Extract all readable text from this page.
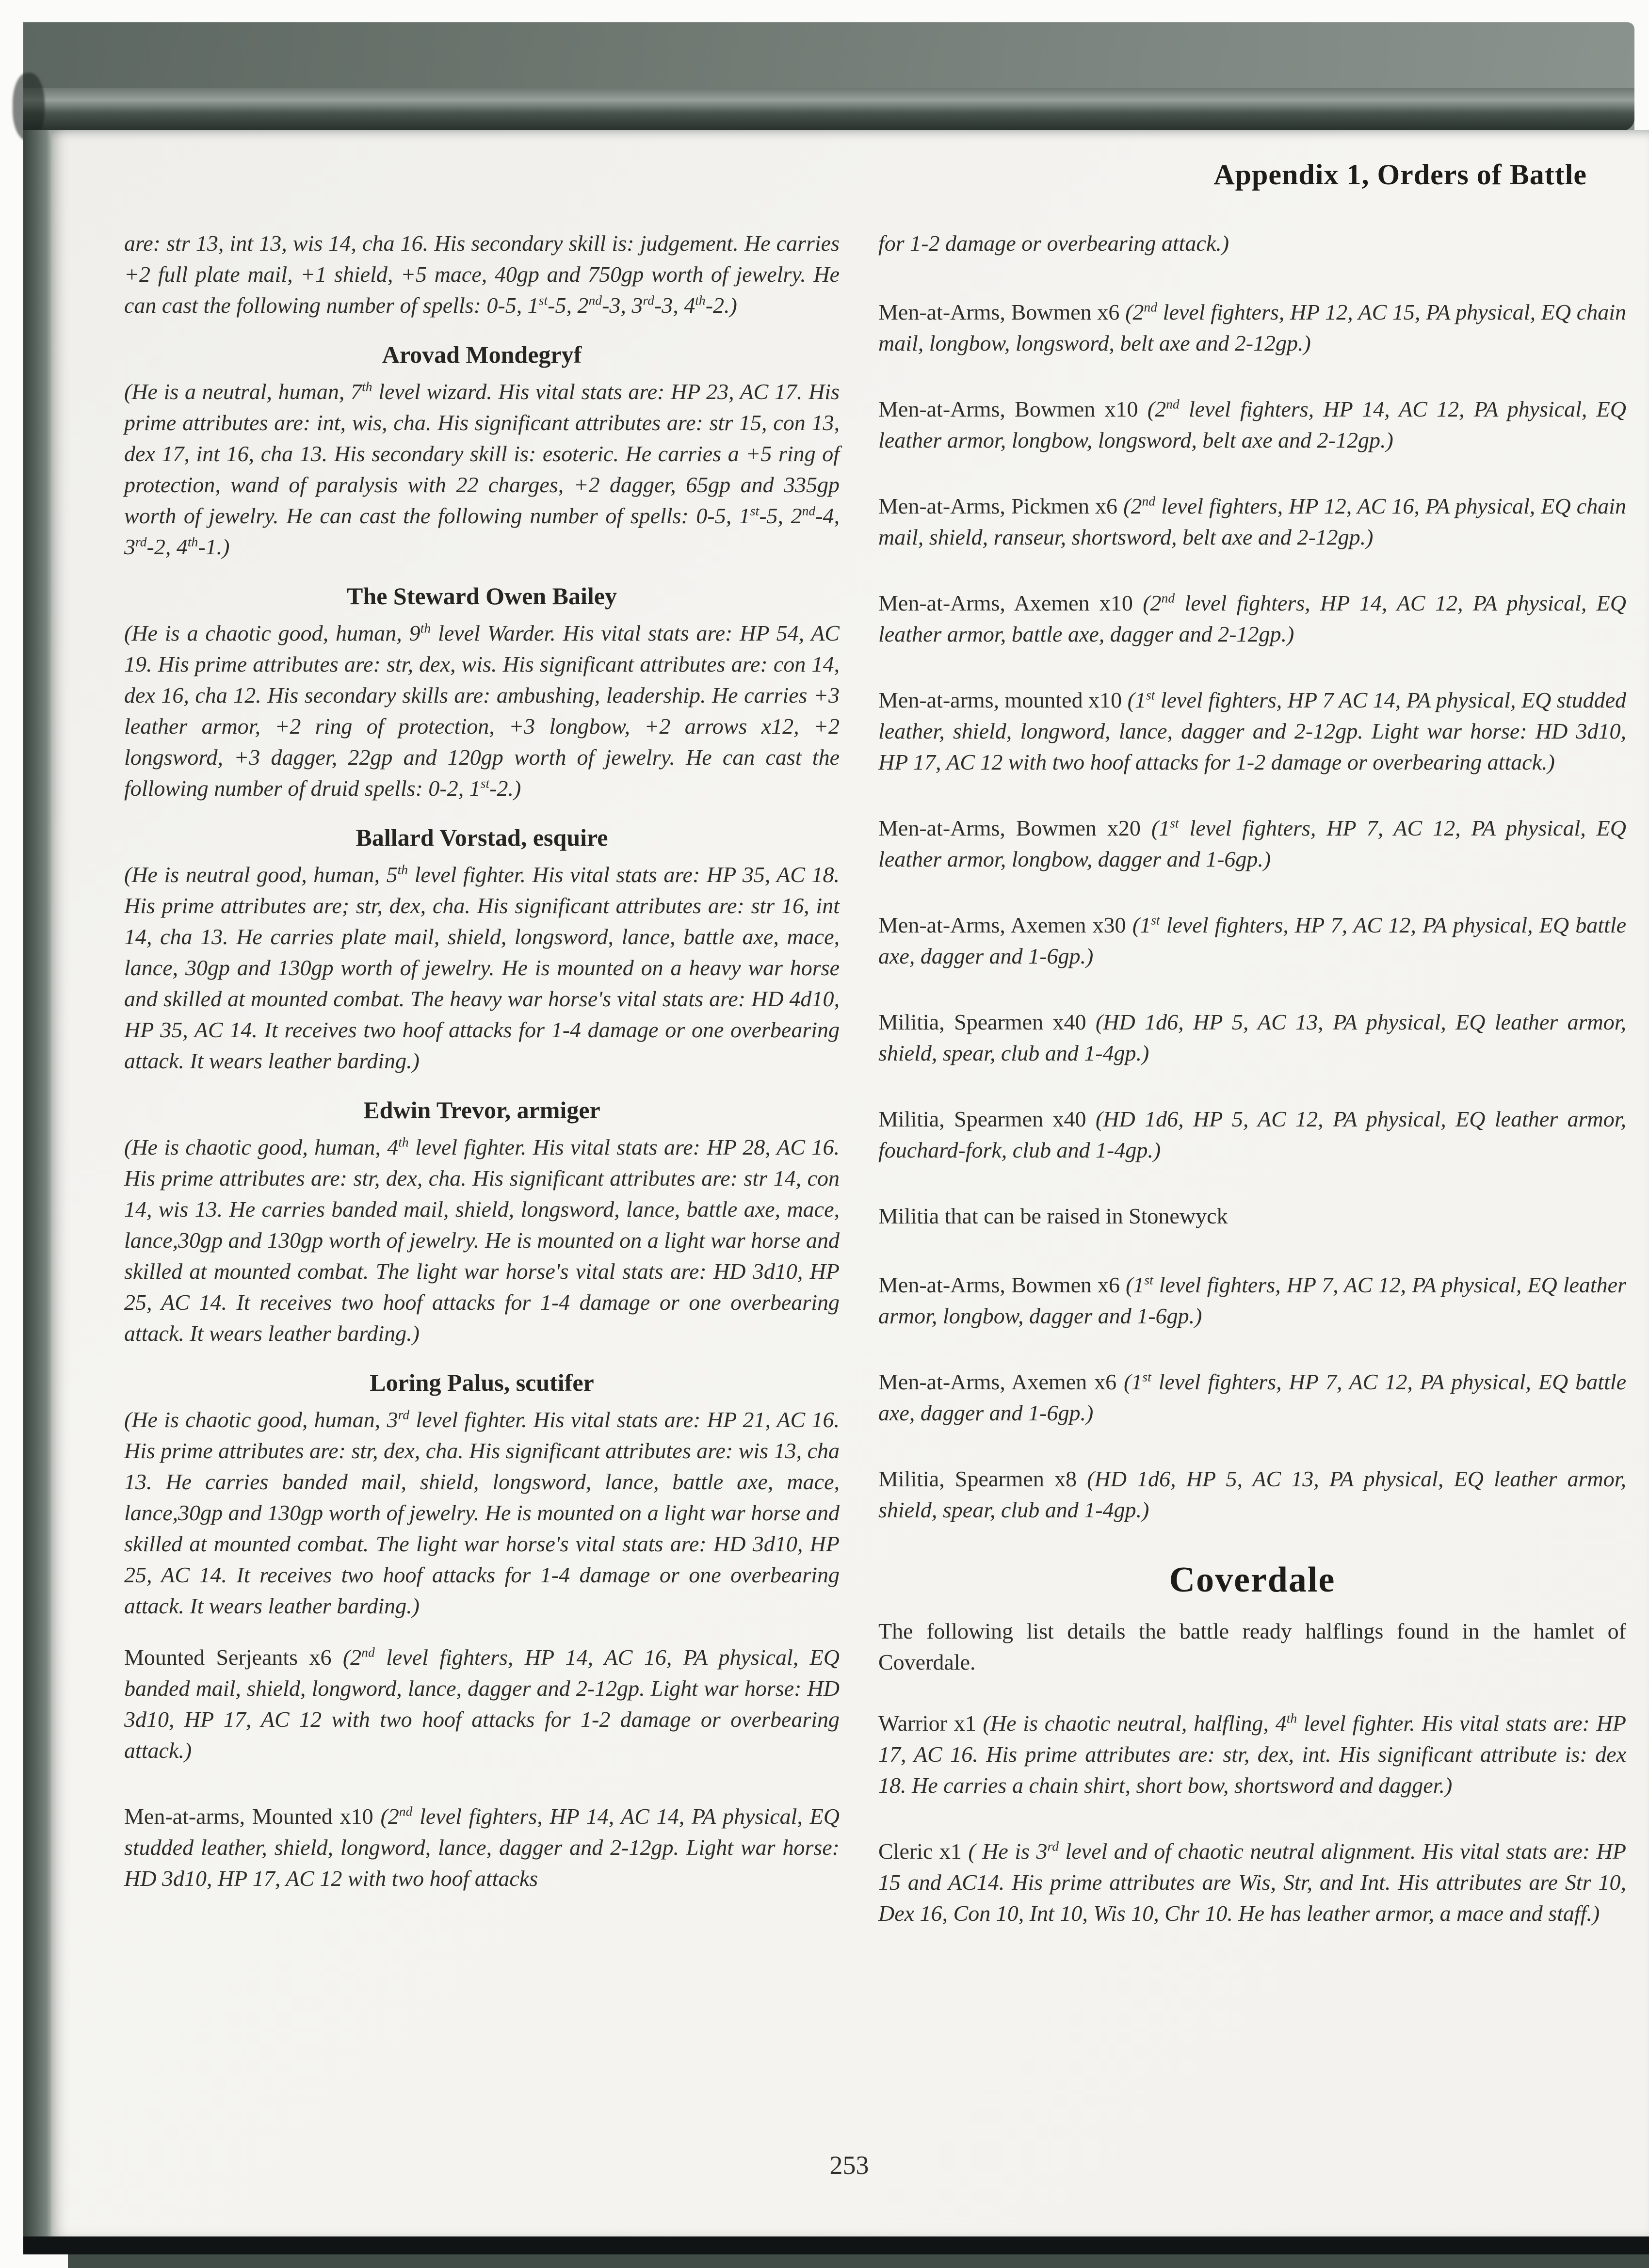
Appendix 1, Orders of Battle

are: str 13, int 13, wis 14, cha 16. His secondary skill is: judgement. He carries +2 full plate mail, +1 shield, +5 mace, 40gp and 750gp worth of jewelry. He can cast the following number of spells: 0-5, 1st-5, 2nd-3, 3rd-3, 4th-2.)

Arovad Mondegryf

(He is a neutral, human, 7th level wizard. His vital stats are: HP 23, AC 17. His prime attributes are: int, wis, cha. His significant attributes are: str 15, con 13, dex 17, int 16, cha 13. His secondary skill is: esoteric. He carries a +5 ring of protection, wand of paralysis with 22 charges, +2 dagger, 65gp and 335gp worth of jewelry. He can cast the following number of spells: 0-5, 1st-5, 2nd-4, 3rd-2, 4th-1.)

The Steward Owen Bailey

(He is a chaotic good, human, 9th level Warder. His vital stats are: HP 54, AC 19. His prime attributes are: str, dex, wis. His significant attributes are: con 14, dex 16, cha 12. His secondary skills are: ambushing, leadership. He carries +3 leather armor, +2 ring of protection, +3 longbow, +2 arrows x12, +2 longsword, +3 dagger, 22gp and 120gp worth of jewelry. He can cast the following number of druid spells: 0-2, 1st-2.)

Ballard Vorstad, esquire

(He is neutral good, human, 5th level fighter. His vital stats are: HP 35, AC 18. His prime attributes are; str, dex, cha. His significant attributes are: str 16, int 14, cha 13. He carries plate mail, shield, longsword, lance, battle axe, mace, lance, 30gp and 130gp worth of jewelry. He is mounted on a heavy war horse and skilled at mounted combat. The heavy war horse's vital stats are: HD 4d10, HP 35, AC 14. It receives two hoof attacks for 1-4 damage or one overbearing attack. It wears leather barding.)

Edwin Trevor, armiger

(He is chaotic good, human, 4th level fighter. His vital stats are: HP 28, AC 16. His prime attributes are: str, dex, cha. His significant attributes are: str 14, con 14, wis 13. He carries banded mail, shield, longsword, lance, battle axe, mace, lance,30gp and 130gp worth of jewelry. He is mounted on a light war horse and skilled at mounted combat. The light war horse's vital stats are: HD 3d10, HP 25, AC 14. It receives two hoof attacks for 1-4 damage or one overbearing attack. It wears leather barding.)

Loring Palus, scutifer

(He is chaotic good, human, 3rd level fighter. His vital stats are: HP 21, AC 16. His prime attributes are: str, dex, cha. His significant attributes are: wis 13, cha 13. He carries banded mail, shield, longsword, lance, battle axe, mace, lance,30gp and 130gp worth of jewelry. He is mounted on a light war horse and skilled at mounted combat. The light war horse's vital stats are: HD 3d10, HP 25, AC 14. It receives two hoof attacks for 1-4 damage or one overbearing attack. It wears leather barding.)

Mounted Serjeants x6 (2nd level fighters, HP 14, AC 16, PA physical, EQ banded mail, shield, longword, lance, dagger and 2-12gp. Light war horse: HD 3d10, HP 17, AC 12 with two hoof attacks for 1-2 damage or overbearing attack.)

Men-at-arms, Mounted x10 (2nd level fighters, HP 14, AC 14, PA physical, EQ studded leather, shield, longword, lance, dagger and 2-12gp. Light war horse: HD 3d10, HP 17, AC 12 with two hoof attacks

for 1-2 damage or overbearing attack.)

Men-at-Arms, Bowmen x6 (2nd level fighters, HP 12, AC 15, PA physical, EQ chain mail, longbow, longsword, belt axe and 2-12gp.)

Men-at-Arms, Bowmen x10 (2nd level fighters, HP 14, AC 12, PA physical, EQ leather armor, longbow, longsword, belt axe and 2-12gp.)

Men-at-Arms, Pickmen x6 (2nd level fighters, HP 12, AC 16, PA physical, EQ chain mail, shield, ranseur, shortsword, belt axe and 2-12gp.)

Men-at-Arms, Axemen x10 (2nd level fighters, HP 14, AC 12, PA physical, EQ leather armor, battle axe, dagger and 2-12gp.)

Men-at-arms, mounted x10 (1st level fighters, HP 7 AC 14, PA physical, EQ studded leather, shield, longword, lance, dagger and 2-12gp. Light war horse: HD 3d10, HP 17, AC 12 with two hoof attacks for 1-2 damage or overbearing attack.)

Men-at-Arms, Bowmen x20 (1st level fighters, HP 7, AC 12, PA physical, EQ leather armor, longbow, dagger and 1-6gp.)

Men-at-Arms, Axemen x30 (1st level fighters, HP 7, AC 12, PA physical, EQ battle axe, dagger and 1-6gp.)

Militia, Spearmen x40 (HD 1d6, HP 5, AC 13, PA physical, EQ leather armor, shield, spear, club and 1-4gp.)

Militia, Spearmen x40 (HD 1d6, HP 5, AC 12, PA physical, EQ leather armor, fouchard-fork, club and 1-4gp.)

Militia that can be raised in Stonewyck

Men-at-Arms, Bowmen x6 (1st level fighters, HP 7, AC 12, PA physical, EQ leather armor, longbow, dagger and 1-6gp.)

Men-at-Arms, Axemen x6 (1st level fighters, HP 7, AC 12, PA physical, EQ battle axe, dagger and 1-6gp.)

Militia, Spearmen x8 (HD 1d6, HP 5, AC 13, PA physical, EQ leather armor, shield, spear, club and 1-4gp.)

Coverdale

The following list details the battle ready halflings found in the hamlet of Coverdale.

Warrior x1 (He is chaotic neutral, halfling, 4th level fighter. His vital stats are: HP 17, AC 16. His prime attributes are: str, dex, int. His significant attribute is: dex 18. He carries a chain shirt, short bow, shortsword and dagger.)

Cleric x1 ( He is 3rd level and of chaotic neutral alignment. His vital stats are: HP 15 and AC14. His prime attributes are Wis, Str, and Int. His attributes are Str 10, Dex 16, Con 10, Int 10, Wis 10, Chr 10. He has leather armor, a mace and staff.)

253
